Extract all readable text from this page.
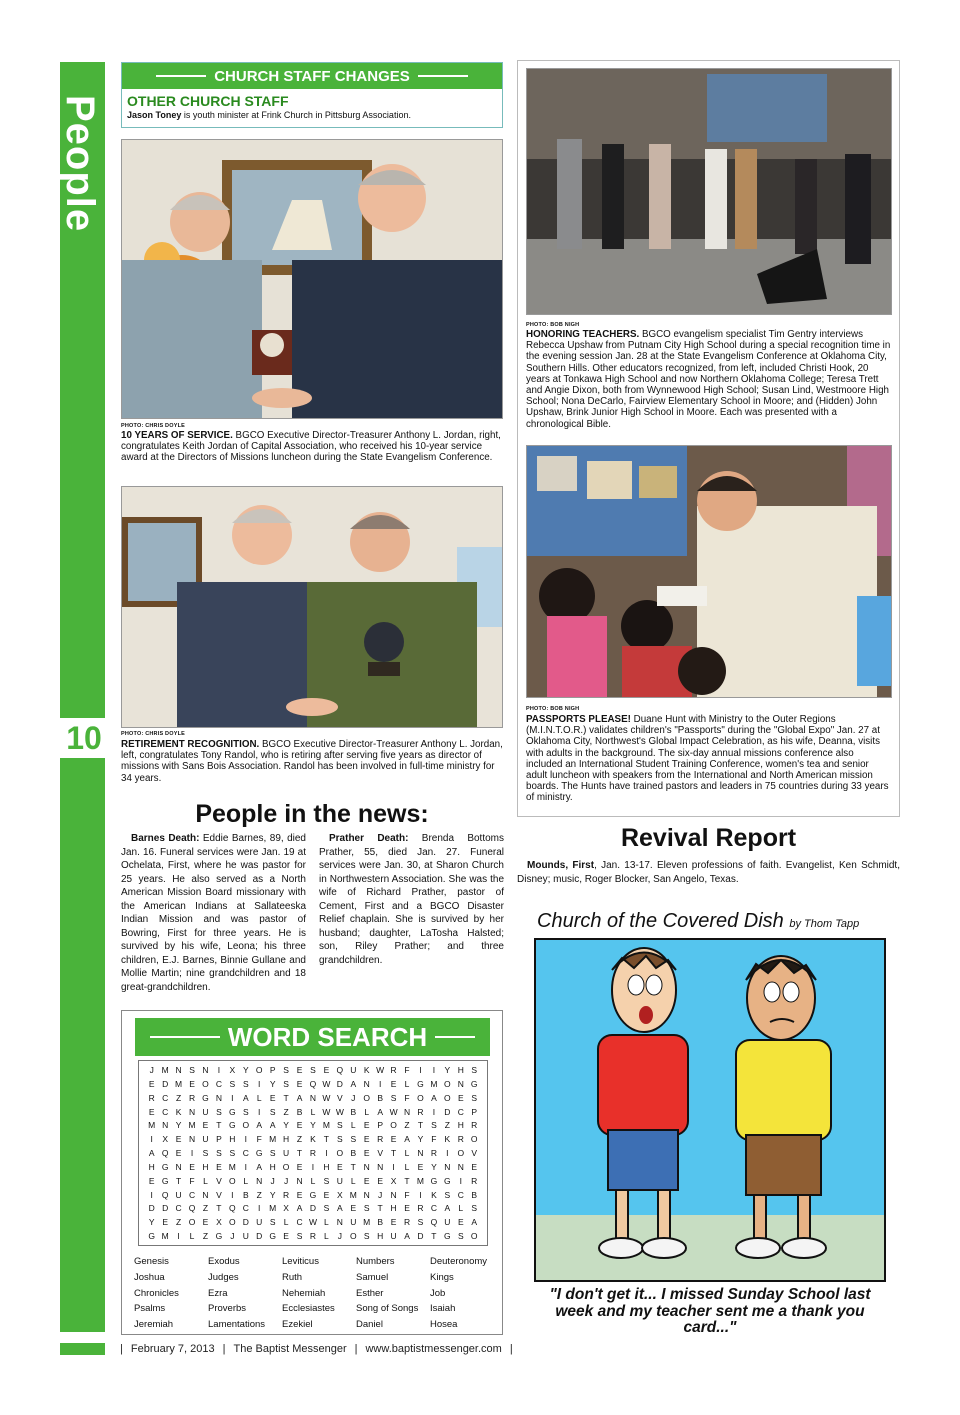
People
10
CHURCH STAFF CHANGES
OTHER CHURCH STAFF
Jason Toney is youth minister at Frink Church in Pittsburg Association.
PHOTO: CHRIS DOYLE
10 YEARS OF SERVICE. BGCO Executive Director-Treasurer Anthony L. Jordan, right, congratulates Keith Jordan of Capital Association, who received his 10-year service award at the Directors of Missions luncheon during the State Evangelism Conference.
PHOTO: CHRIS DOYLE
RETIREMENT RECOGNITION. BGCO Executive Director-Treasurer Anthony L. Jordan, left, congratulates Tony Randol, who is retiring after serving five years as director of missions with Sans Bois Association. Randol has been involved in full-time ministry for 34 years.
PHOTO: BOB NIGH
HONORING TEACHERS. BGCO evangelism specialist Tim Gentry interviews Rebecca Upshaw from Putnam City High School during a special recognition time in the evening session Jan. 28 at the State Evangelism Conference at Oklahoma City, Southern Hills. Other educators recognized, from left, included Christi Hook, 20 years at Tonkawa High School and now Northern Oklahoma College; Teresa Trett and Angie Dixon, both from Wynnewood High School; Susan Lind, Westmoore High School; Nona DeCarlo, Fairview Elementary School in Moore; and (Hidden) John Upshaw, Brink Junior High School in Moore. Each was presented with a chronological Bible.
PHOTO: BOB NIGH
PASSPORTS PLEASE! Duane Hunt with Ministry to the Outer Regions (M.I.N.T.O.R.) validates children's "Passports" during the "Global Expo" Jan. 27 at Oklahoma City, Northwest's Global Impact Celebration, as his wife, Deanna, visits with adults in the background. The six-day annual missions conference also included an International Student Training Conference, women's tea and senior adult luncheon with speakers from the International and North American mission boards. The Hunts have trained pastors and leaders in 75 countries during 33 years of ministry.
People in the news:
Barnes Death: Eddie Barnes, 89, died Jan. 16. Funeral services were Jan. 19 at Ochelata, First, where he was pastor for 25 years. He also served as a North American Mission Board missionary with the American Indians at Sallateeska Indian Mission and was pastor of Bowring, First for three years. He is survived by his wife, Leona; his three children, E.J. Barnes, Binnie Gullane and Mollie Martin; nine grandchildren and 18 great-grandchildren.
Prather Death: Brenda Bottoms Prather, 55, died Jan. 27. Funeral services were Jan. 30, at Sharon Church in Northwestern Association. She was the wife of Richard Prather, pastor of Cement, First and a BGCO Disaster Relief chaplain. She is survived by her husband; daughter, LaTosha Halsted; son, Riley Prather; and three grandchildren.
Revival Report
Mounds, First, Jan. 13-17. Eleven professions of faith. Evangelist, Ken Schmidt, Disney; music, Roger Blocker, San Angelo, Texas.
Church of the Covered Dish by Thom Tapp
"I don't get it... I missed Sunday School last week and my teacher sent me a thank you card..."
WORD SEARCH
J M N S N	I	X Y O P S E S E Q U K W R F	I	I	Y H S
E D M E O C S S	I	Y S E Q W D A N	I	E L G M O N G
R C Z R G N	I	A L E T A N W V J O B S F O A O E S
E C K N U S G S	I	S Z B L W W B L A W N R	I	D C P
M N Y M E T G O A A Y E Y M S L E P O Z T S Z H R
I	X E N U P H	I	F M H Z K T S S E R E A Y F K R O
A Q E	I	S S S C G S U T R	I	O B E V T L N R	I	O V
H G N E H E M	I	A H O E	I	H E T N N	I	L E Y N N E
E G T F L V O L N J	J N L S U L E E X T M G G	I	R
I	Q U C N V	I	B Z Y R E G E X M N J N F	I	K S C B
D D C Q Z T Q C	I	M X A D S A E S T H E R C A L S
Y E Z O E X O D U S L C W L N U M B E R S Q U E A
G M	I	L Z G J U D G E S R L	J O S H U A D T G S O
Genesis	Exodus	Leviticus	Numbers	Deuteronomy
Joshua	Judges	Ruth	Samuel	Kings
Chronicles	Ezra	Nehemiah	Esther	Job
Psalms	Proverbs	Ecclesiastes	Song of Songs	Isaiah
Jeremiah	Lamentations	Ezekiel	Daniel	Hosea
| February 7, 2013 | The Baptist Messenger | www.baptistmessenger.com |
